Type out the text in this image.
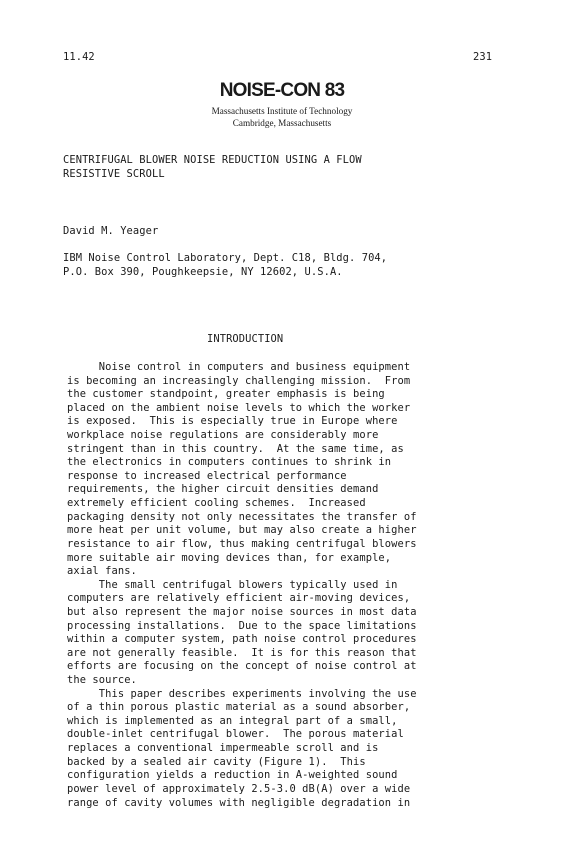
11.42	231
NOISE-CON 83
Massachusetts Institute of Technology
Cambridge, Massachusetts
CENTRIFUGAL BLOWER NOISE REDUCTION USING A FLOW
RESISTIVE SCROLL
David M. Yeager
IBM Noise Control Laboratory, Dept. C18, Bldg. 704,
P.O. Box 390, Poughkeepsie, NY 12602, U.S.A.
INTRODUCTION
Noise control in computers and business equipment
is becoming an increasingly challenging mission.  From
the customer standpoint, greater emphasis is being
placed on the ambient noise levels to which the worker
is exposed.  This is especially true in Europe where
workplace noise regulations are considerably more
stringent than in this country.  At the same time, as
the electronics in computers continues to shrink in
response to increased electrical performance
requirements, the higher circuit densities demand
extremely efficient cooling schemes.  Increased
packaging density not only necessitates the transfer of
more heat per unit volume, but may also create a higher
resistance to air flow, thus making centrifugal blowers
more suitable air moving devices than, for example,
axial fans.
The small centrifugal blowers typically used in
computers are relatively efficient air-moving devices,
but also represent the major noise sources in most data
processing installations.  Due to the space limitations
within a computer system, path noise control procedures
are not generally feasible.  It is for this reason that
efforts are focusing on the concept of noise control at
the source.
This paper describes experiments involving the use
of a thin porous plastic material as a sound absorber,
which is implemented as an integral part of a small,
double-inlet centrifugal blower.  The porous material
replaces a conventional impermeable scroll and is
backed by a sealed air cavity (Figure 1).  This
configuration yields a reduction in A-weighted sound
power level of approximately 2.5-3.0 dB(A) over a wide
range of cavity volumes with negligible degradation in
